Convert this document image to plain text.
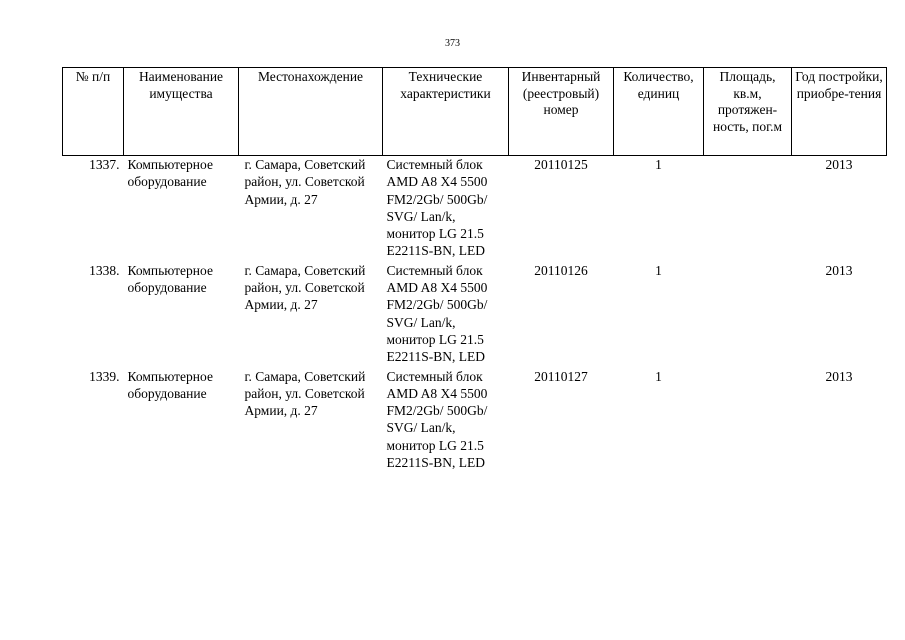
373
№ п/п	Наименование имущества	Местонахождение	Технические характеристики	Инвентарный (реестровый) номер	Количество, единиц	Площадь, кв.м, протяжен-ность, пог.м	Год постройки, приобре-тения
1337.	Компьютерное оборудование	г. Самара, Советский район, ул. Советской Армии, д. 27	Системный блок AMD A8 X4 5500 FM2/2Gb/ 500Gb/ SVG/ Lan/k, монитор LG 21.5 E2211S-BN, LED	20110125	1		2013
1338.	Компьютерное оборудование	г. Самара, Советский район, ул. Советской Армии, д. 27	Системный блок AMD A8 X4 5500 FM2/2Gb/ 500Gb/ SVG/ Lan/k, монитор LG 21.5 E2211S-BN, LED	20110126	1		2013
1339.	Компьютерное оборудование	г. Самара, Советский район, ул. Советской Армии, д. 27	Системный блок AMD A8 X4 5500 FM2/2Gb/ 500Gb/ SVG/ Lan/k, монитор LG 21.5 E2211S-BN, LED	20110127	1		2013
